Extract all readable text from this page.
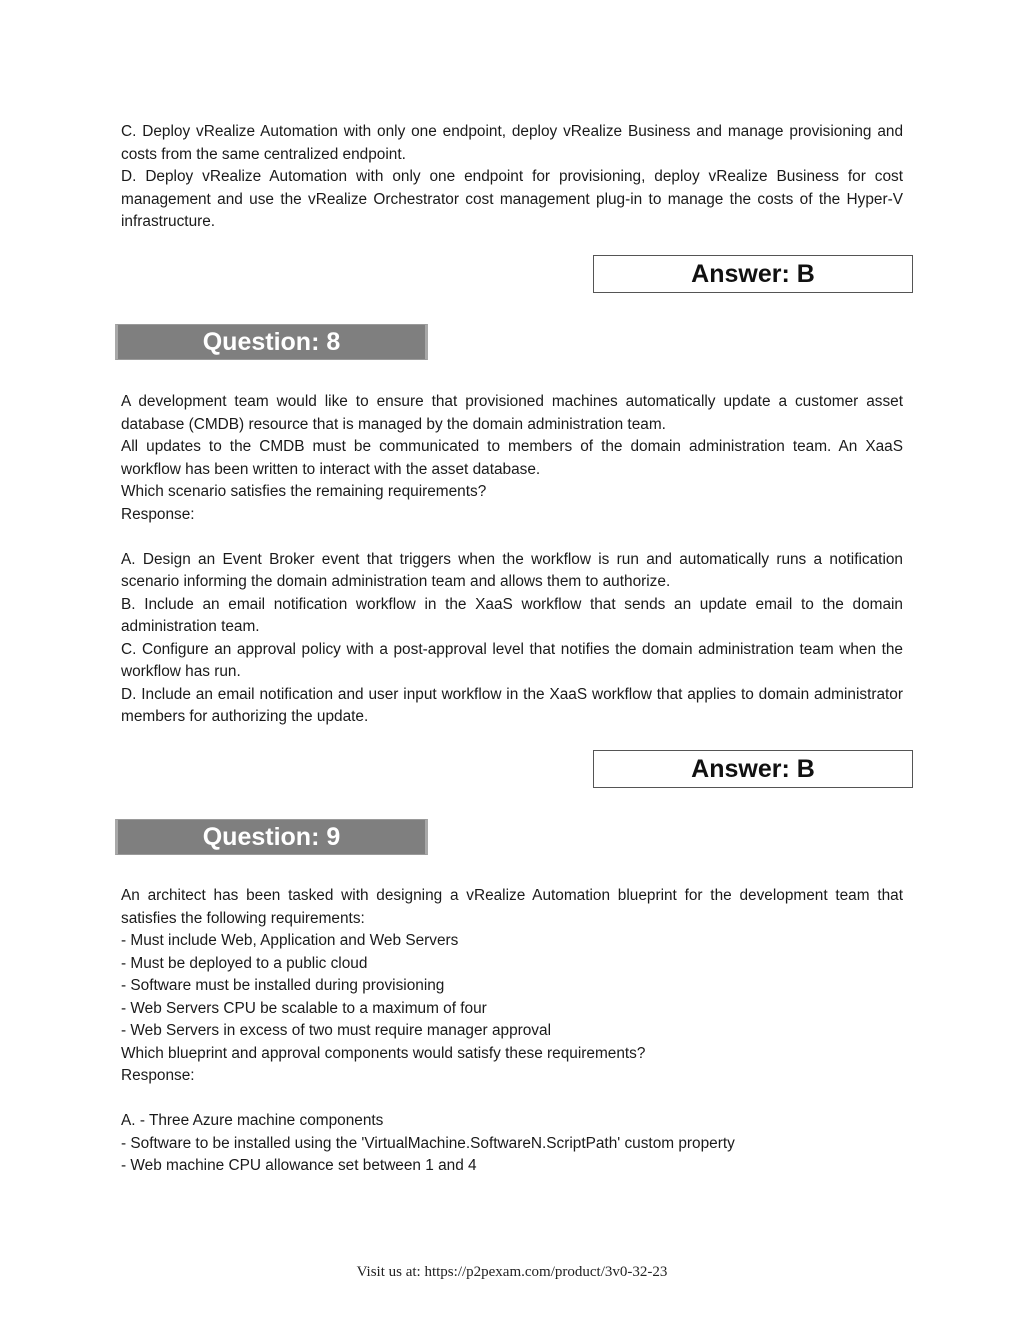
C. Deploy vRealize Automation with only one endpoint, deploy vRealize Business and manage provisioning and costs from the same centralized endpoint.

D. Deploy vRealize Automation with only one endpoint for provisioning, deploy vRealize Business for cost management and use the vRealize Orchestrator cost management plug-in to manage the costs of the Hyper-V infrastructure.

Answer: B
Question: 8

A development team would like to ensure that provisioned machines automatically update a customer asset database (CMDB) resource that is managed by the domain administration team.

All updates to the CMDB must be communicated to members of the domain administration team. An XaaS workflow has been written to interact with the asset database.

Which scenario satisfies the remaining requirements?

Response:

A. Design an Event Broker event that triggers when the workflow is run and automatically runs a notification scenario informing the domain administration team and allows them to authorize.

B. Include an email notification workflow in the XaaS workflow that sends an update email to the domain administration team.

C. Configure an approval policy with a post-approval level that notifies the domain administration team when the workflow has run.

D. Include an email notification and user input workflow in the XaaS workflow that applies to domain administrator members for authorizing the update.

Answer: B
Question: 9

An architect has been tasked with designing a vRealize Automation blueprint for the development team that satisfies the following requirements:

- Must include Web, Application and Web Servers

- Must be deployed to a public cloud

- Software must be installed during provisioning

- Web Servers CPU be scalable to a maximum of four

- Web Servers in excess of two must require manager approval

Which blueprint and approval components would satisfy these requirements?

Response:

A. - Three Azure machine components

- Software to be installed using the 'VirtualMachine.SoftwareN.ScriptPath' custom property

- Web machine CPU allowance set between 1 and 4

Visit us at: https://p2pexam.com/product/3v0-32-23
